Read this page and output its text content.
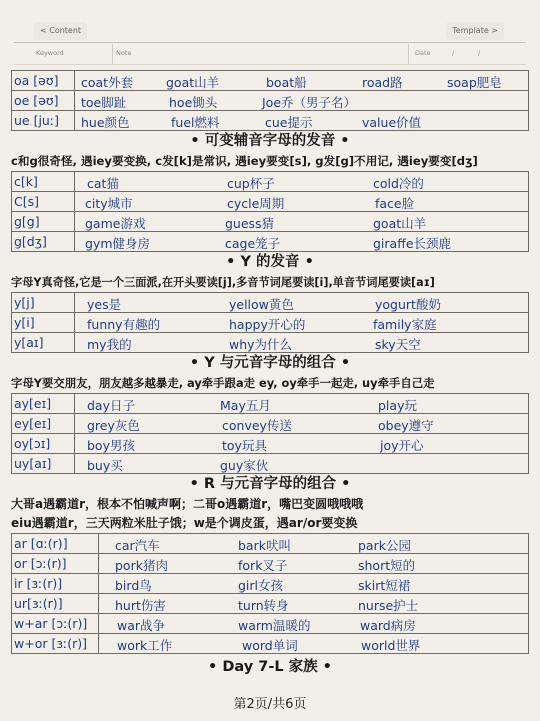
< Content	Template >
Keyword	Note	Date	/	/
oa [əʊ]	coat外套 goat山羊 boat船 road路 soap肥皂

oe [əʊ]	toe脚趾 hoe锄头 Joe乔（男子名）

ue [juː]	hue颜色 fuel燃料 cue提示 value价值
• 可变辅音字母的发音 •
c和g很奇怪, 遇iey要变换, c发[k]是常识, 遇iey要变[s], g发[g]不用记, 遇iey要变[dʒ]
c[k]	cat猫 cup杯子 cold冷的

C[s]	city城市 cycle周期 face脸

g[g]	game游戏 guess猜 goat山羊

g[dʒ]	gym健身房 cage笼子 giraffe长颈鹿
• Y 的发音 •
字母Y真奇怪,它是一个三面派,在开头要读[j],多音节词尾要读[i],单音节词尾要读[aɪ]
y[j]	yes是 yellow黄色 yogurt酸奶

y[i]	funny有趣的 happy开心的 family家庭

y[aɪ]	my我的 why为什么 sky天空
• Y 与元音字母的组合 •
字母Y要交朋友，朋友越多越暴走, ay牵手跟a走 ey, oy牵手一起走, uy牵手自己走
ay[eɪ]	day日子 May五月 play玩

ey[eɪ]	grey灰色 convey传送 obey遵守

oy[ɔɪ]	boy男孩 toy玩具 joy开心

uy[aɪ]	buy买 guy家伙
• R 与元音字母的组合 •
大哥a遇霸道r，根本不怕喊声啊；二哥o遇霸道r，嘴巴变圆哦哦哦
eiu遇霸道r，三天两粒米肚子饿；w是个调皮蛋，遇ar/or要变换
ar [ɑː(r)]	car汽车 bark吠叫 park公园

or [ɔː(r)]	pork猪肉 fork叉子 short短的

ir [ɜː(r)]	bird鸟 girl女孩 skirt短裙

ur[ɜː(r)]	hurt伤害 turn转身 nurse护士

w+ar [ɔː(r)]	war战争 warm温暖的 ward病房

w+or [ɜː(r)]	work工作 word单词 world世界
• Day 7-L 家族 •
第2页/共6页
